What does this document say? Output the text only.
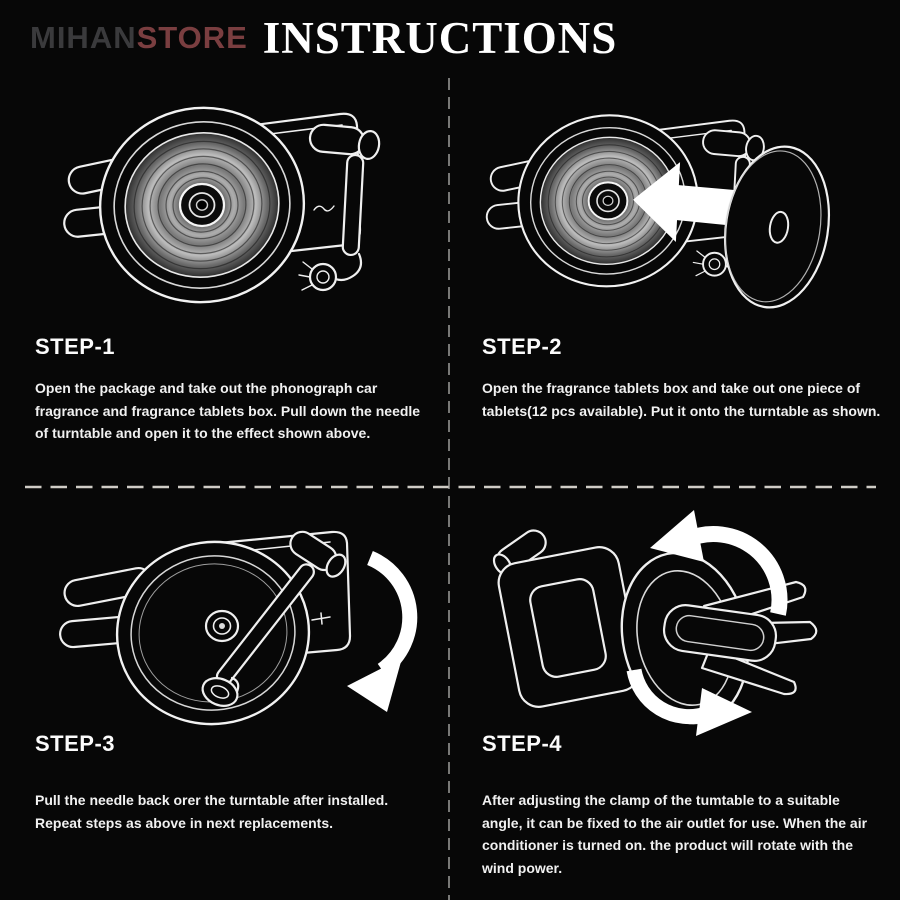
MIHANSTORE INSTRUCTIONS
STEP-1

Open the package and take out the phonograph car fragrance and fragrance tablets box. Pull down the needle of turntable and open it to the effect shown above.

STEP-2

Open the fragrance tablets box and take out one piece of tablets(12 pcs available). Put it onto the turntable as shown.

STEP-3

Pull the needle back orer the turntable after installed. Repeat steps as above in next replacements.

STEP-4

After adjusting the clamp of the tumtable to a suitable angle, it can be fixed to the air outlet for use. When the air conditioner is turned on. the product will rotate with the wind power.
